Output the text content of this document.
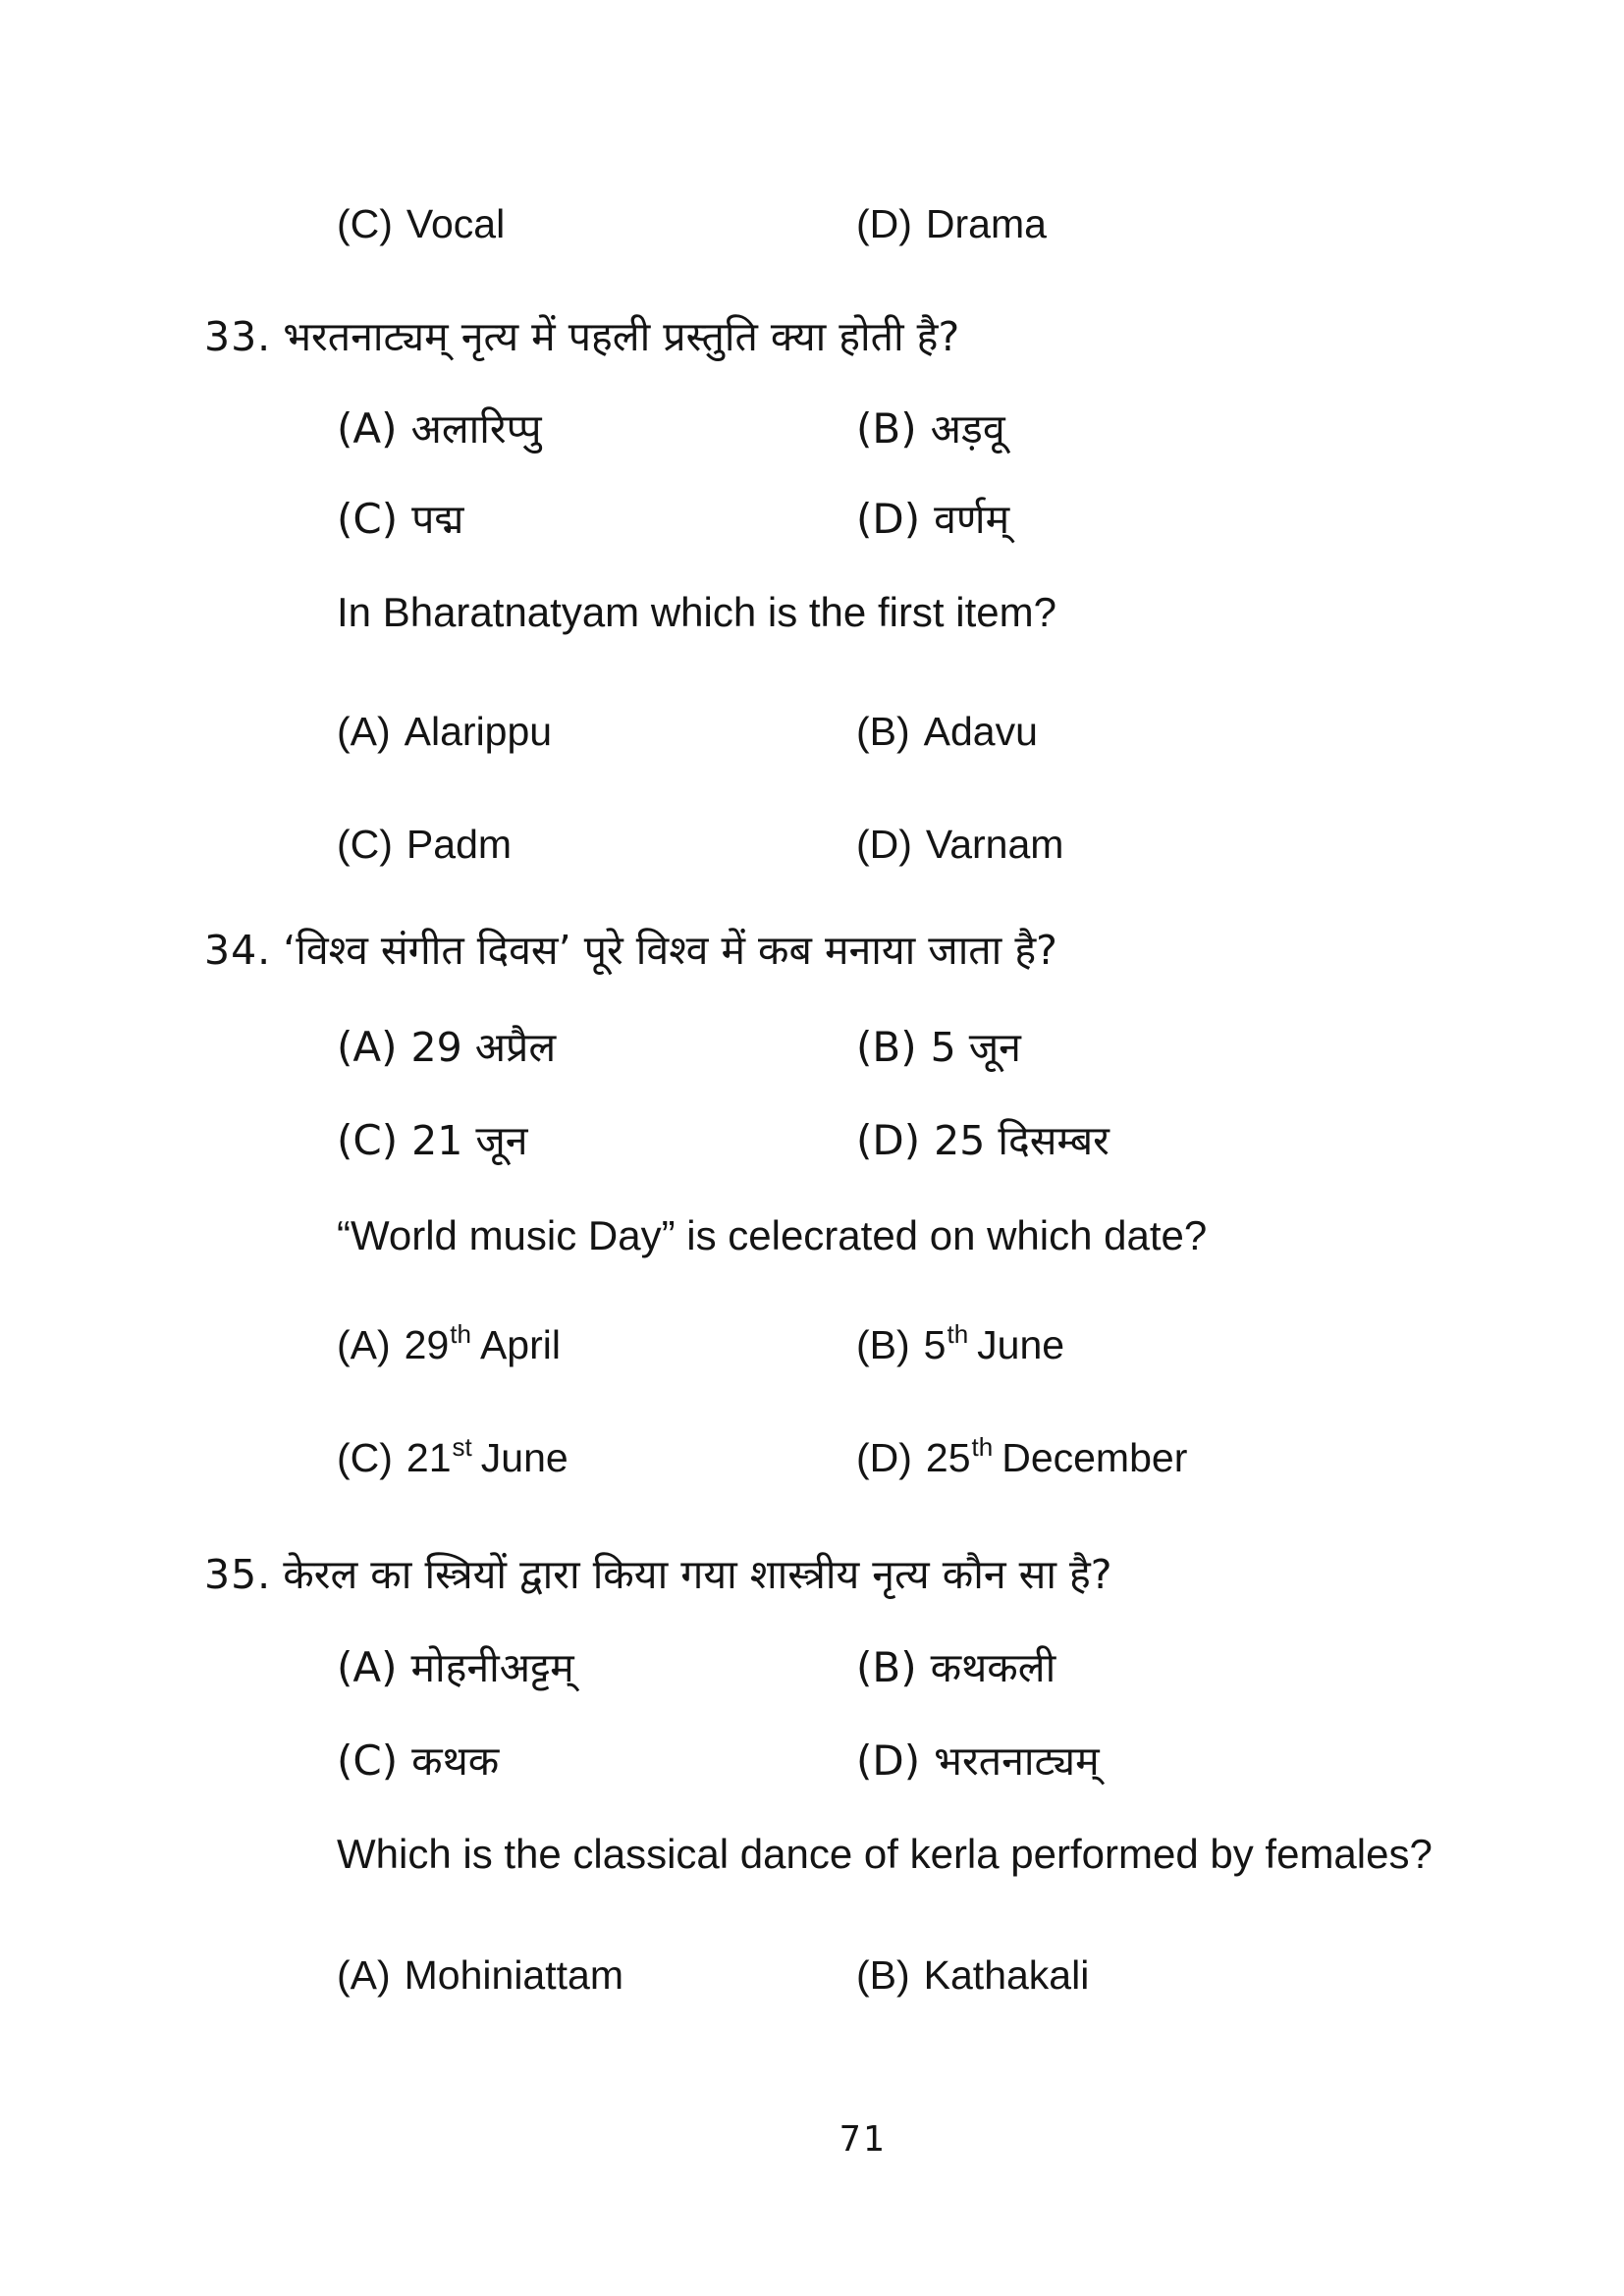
(C) Vocal	(D) Drama
33. भरतनाट्यम् नृत्य में पहली प्रस्तुति क्या होती है?
(A) अलारिप्पु	(B) अड़वू
(C) पद्म	(D) वर्णम्
In Bharatnatyam which is the first item?
(A) Alarippu	(B) Adavu
(C) Padm	(D) Varnam
34. ‘विश्व संगीत दिवस’ पूरे विश्व में कब मनाया जाता है?
(A) 29 अप्रैल	(B) 5 जून
(C) 21 जून	(D) 25 दिसम्बर
“World music Day” is celecrated on which date?
(A) 29th April	(B) 5th June
(C) 21st June	(D) 25th December
35. केरल का स्त्रियों द्वारा किया गया शास्त्रीय नृत्य कौन सा है?
(A) मोहनीअट्टम्	(B) कथकली
(C) कथक	(D) भरतनाट्यम्
Which is the classical dance of kerla performed by females?
(A) Mohiniattam	(B) Kathakali
71
